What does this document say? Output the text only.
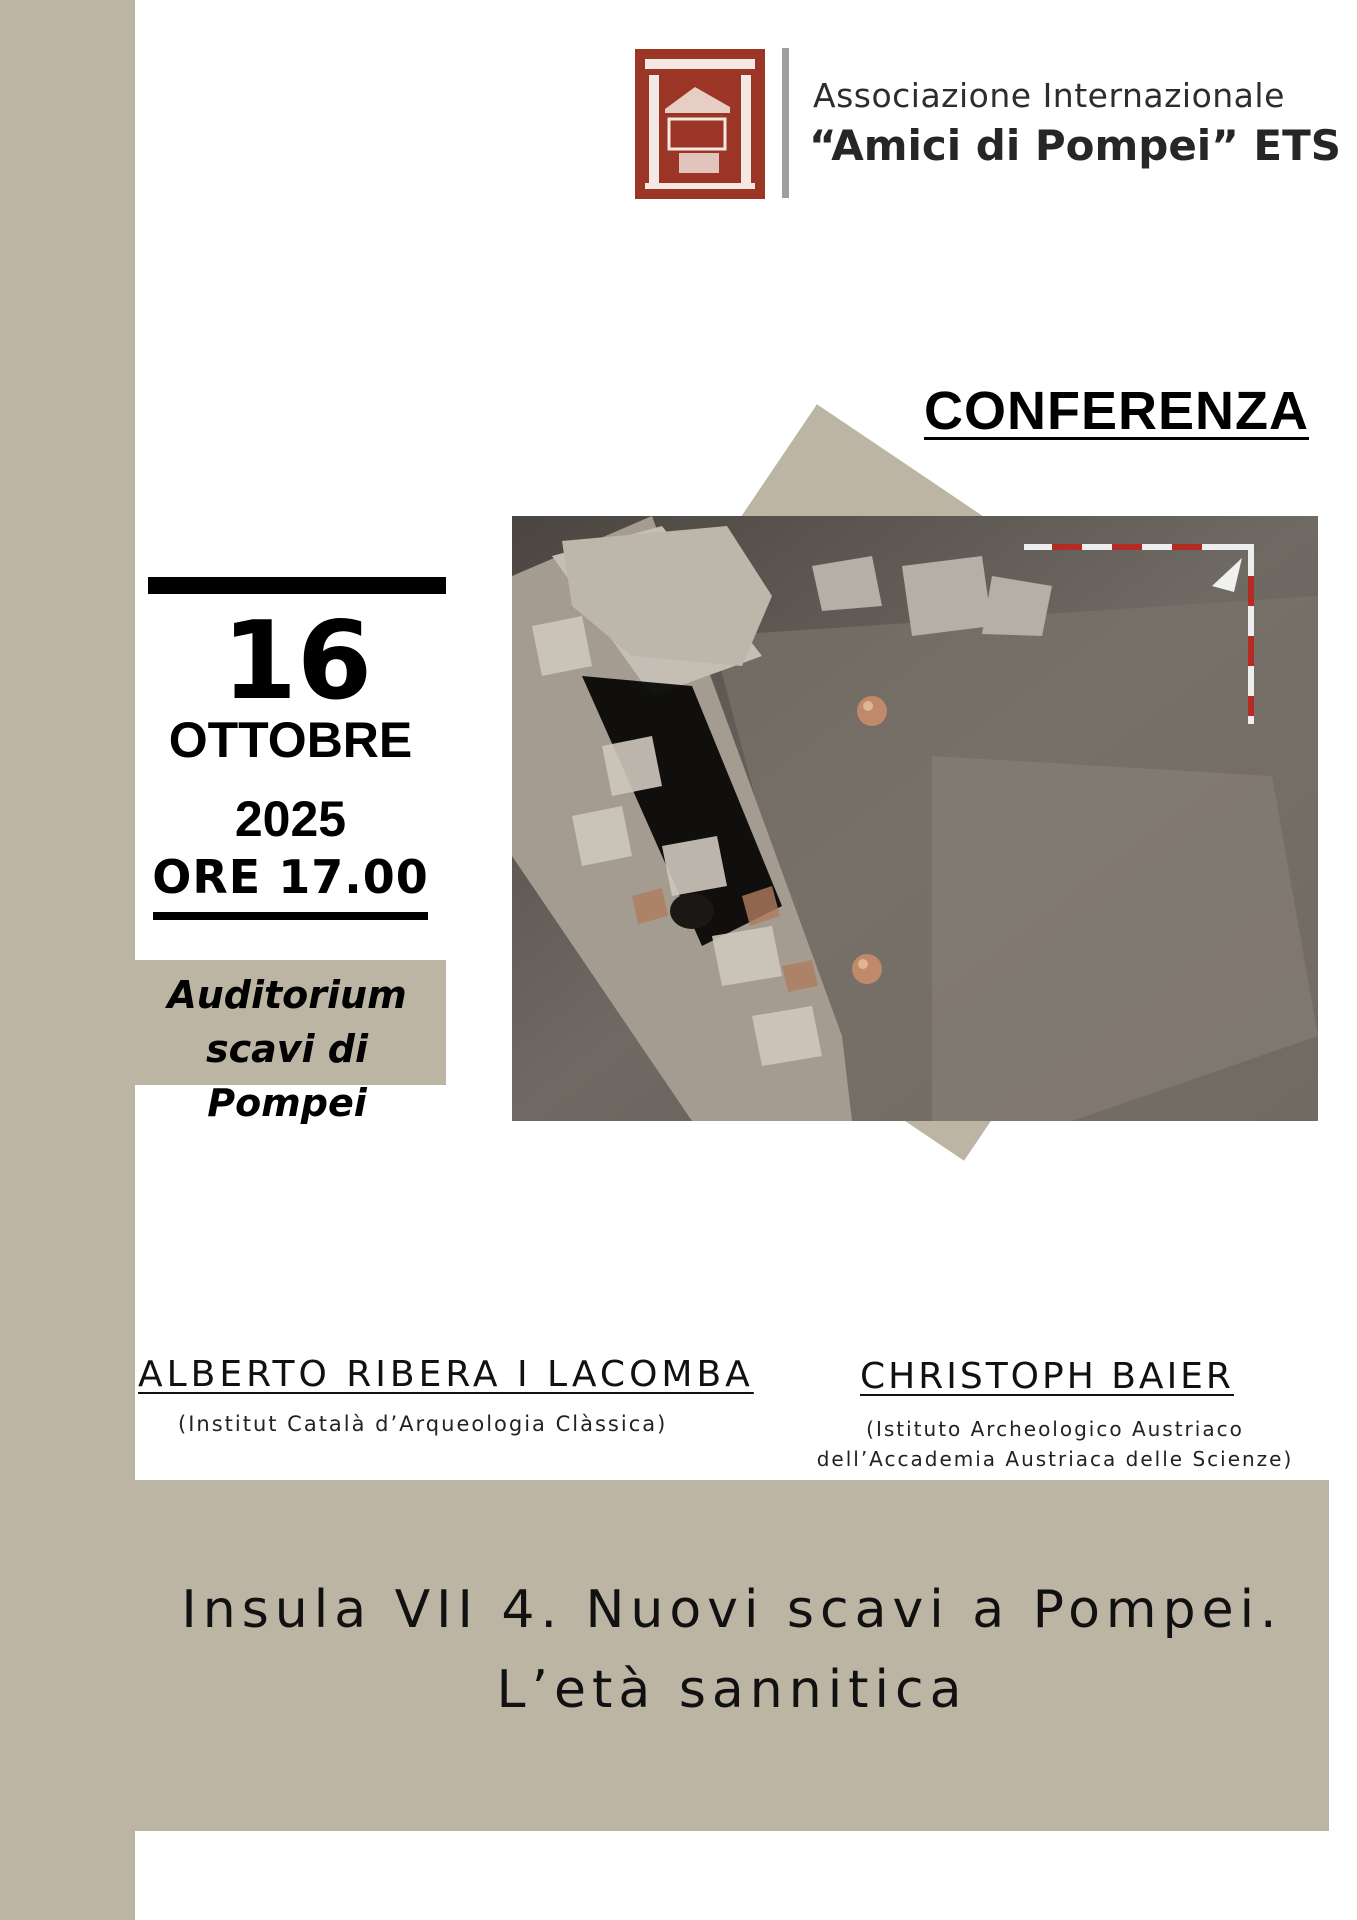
Associazione Internazionale
“Amici di Pompei” ETS
CONFERENZA
16
OTTOBRE
2025
ORE 17.00
Auditorium
scavi di Pompei
ALBERTO RIBERA I LACOMBA
(Institut Català d’Arqueologia Clàssica)
CHRISTOPH BAIER
(Istituto Archeologico Austriaco
dell’Accademia Austriaca delle Scienze)
Insula VII 4. Nuovi scavi a Pompei.
L’età sannitica
